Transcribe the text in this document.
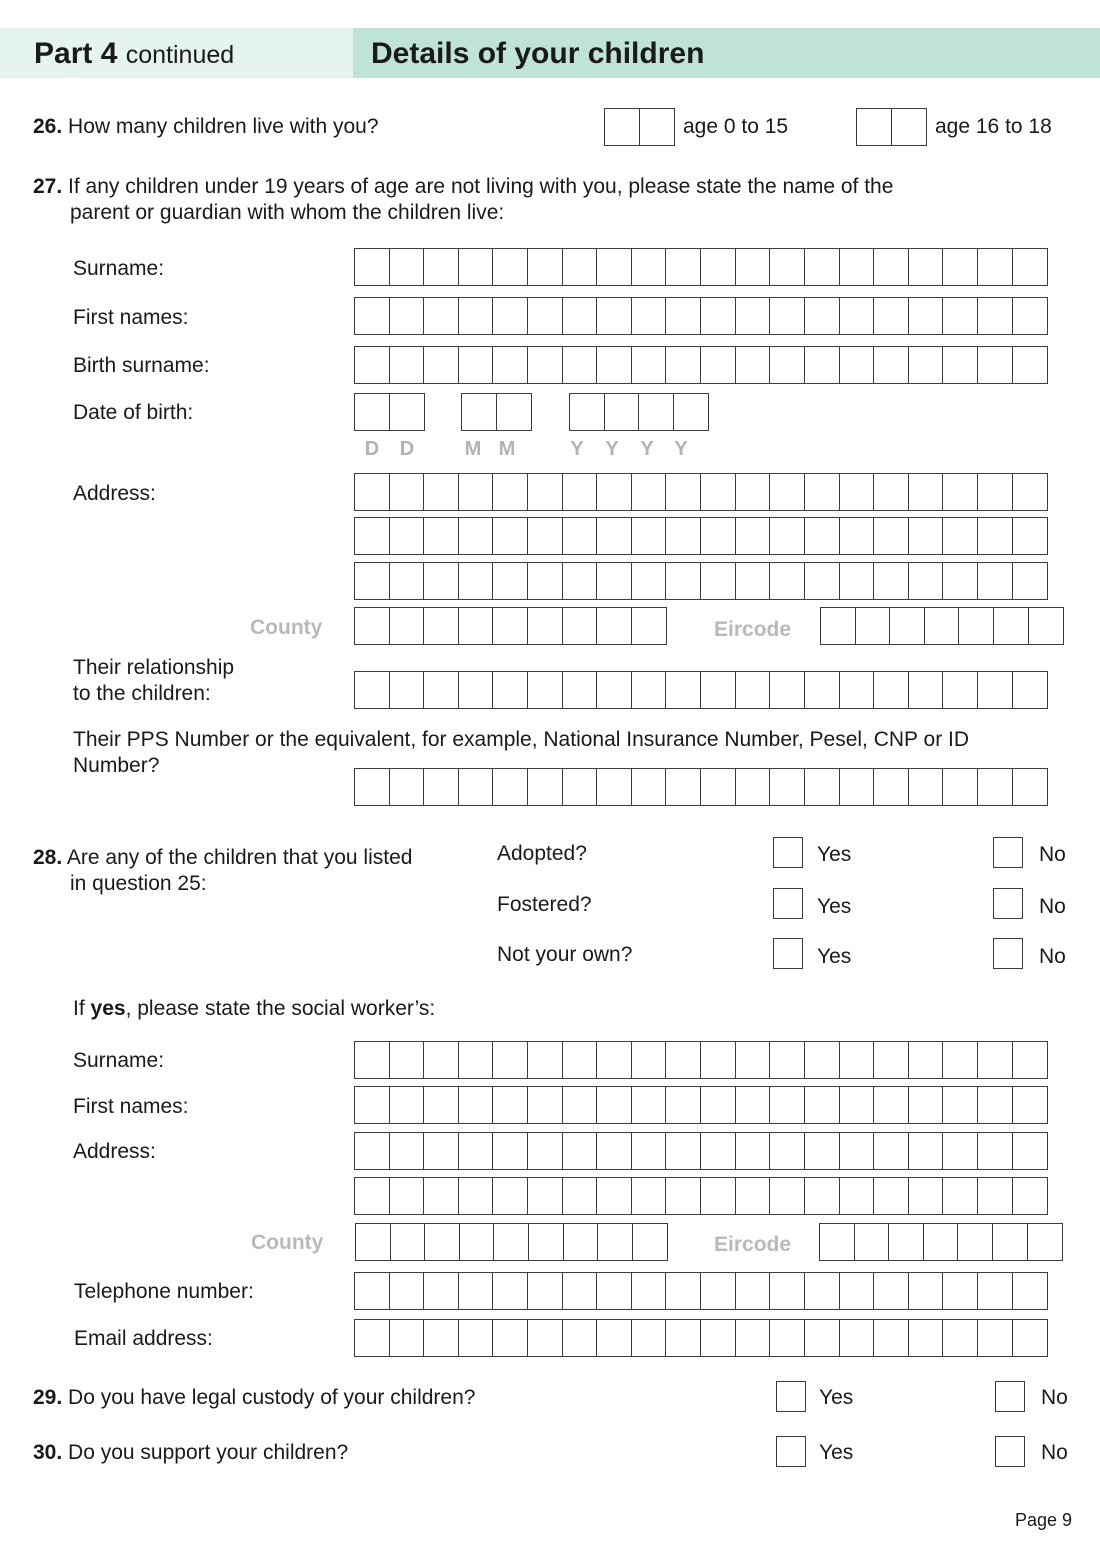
Part 4 continued	Details of your children
26. How many children live with you?	age 0 to 15	age 16 to 18
27. If any children under 19 years of age are not living with you, please state the name of the
parent or guardian with whom the children live:
Surname:
First names:
Birth surname:
Date of birth:
D	D	M M	Y	Y	Y	Y
Address:
County	Eircode
Their relationship
to the children:
Their PPS Number or the equivalent, for example, National Insurance Number, Pesel, CNP or ID
Number?
28. Are any of the children that you listed
in question 25:
Adopted?	Yes	No
Fostered?	Yes	No
Not your own?	Yes	No
If yes, please state the social worker’s:
Surname:
First names:
Address:
County	Eircode
Telephone number:
Email address:
29. Do you have legal custody of your children?	Yes	No
30. Do you support your children?	Yes	No
Page 9
